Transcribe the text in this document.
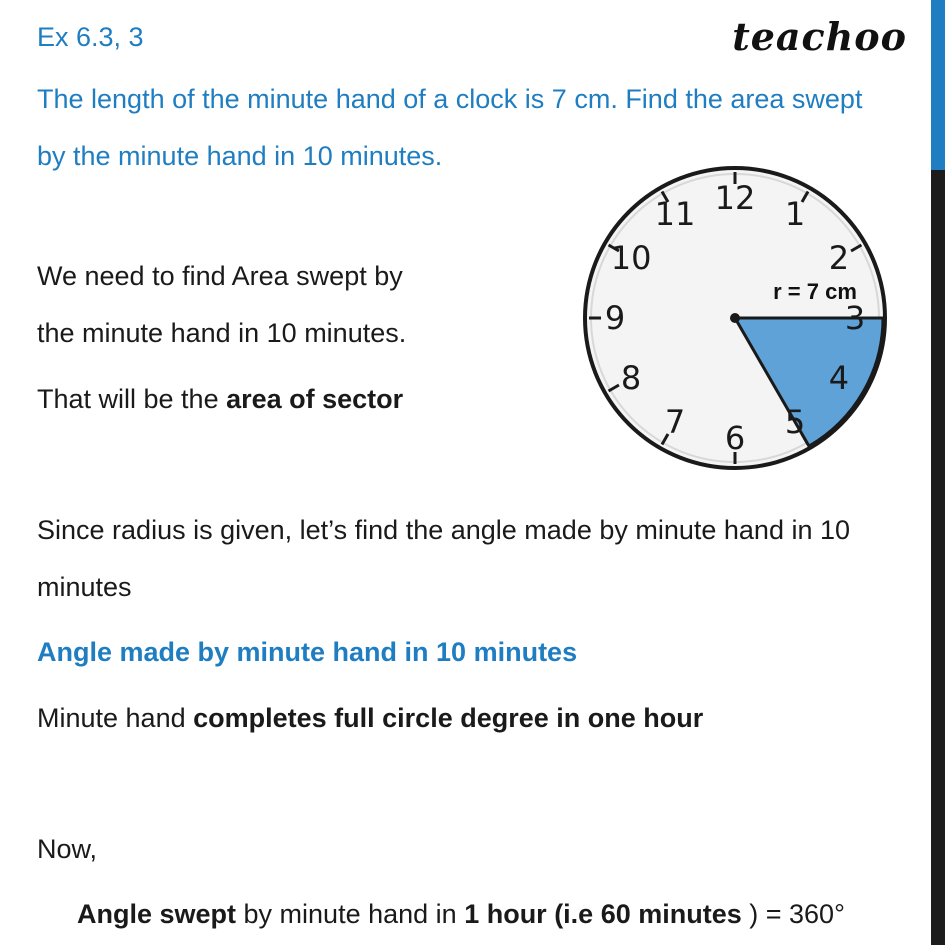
Ex 6.3, 3	teachoo
The length of the minute hand of a clock is 7 cm. Find the area swept
by the minute hand in 10 minutes.
We need to find Area swept by
the minute hand in 10 minutes.
That will be the area of sector
Since radius is given, let’s find the angle made by minute hand in 10
minutes
Angle made by minute hand in 10 minutes
Minute hand completes full circle degree in one hour
Now,
Angle swept by minute hand in 1 hour (i.e 60 minutes ) = 360°
12 1
2
3
4
5
6
7
8
9
10
11
r = 7 cm
